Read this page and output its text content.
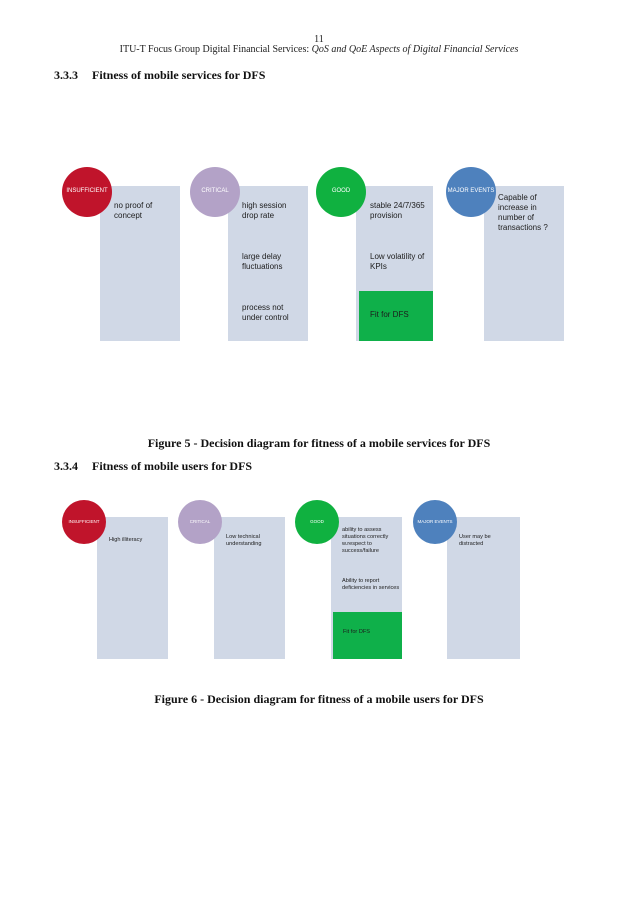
11
ITU-T Focus Group Digital Financial Services: QoS and QoE Aspects of Digital Financial Services
3.3.3 Fitness of mobile services for DFS
no proof of concept
INSUFFICIENT
high session drop rate
large delay fluctuations
process not under control
CRITICAL
stable 24/7/365 provision
Low volatility of KPIs
Fit for DFS
GOOD
Capable of increase in number of transactions ?
MAJOR EVENTS
Figure 5 - Decision diagram for fitness of a mobile services for DFS
3.3.4 Fitness of mobile users for DFS
High illiteracy
INSUFFICIENT
Low technical understanding
CRITICAL
ability to assess situations correctly w.respect to success/failure
Ability to report deficiencies in services
Fit for DFS
GOOD
User may be distracted
MAJOR EVENTS
Figure 6 - Decision diagram for fitness of a mobile users for DFS
